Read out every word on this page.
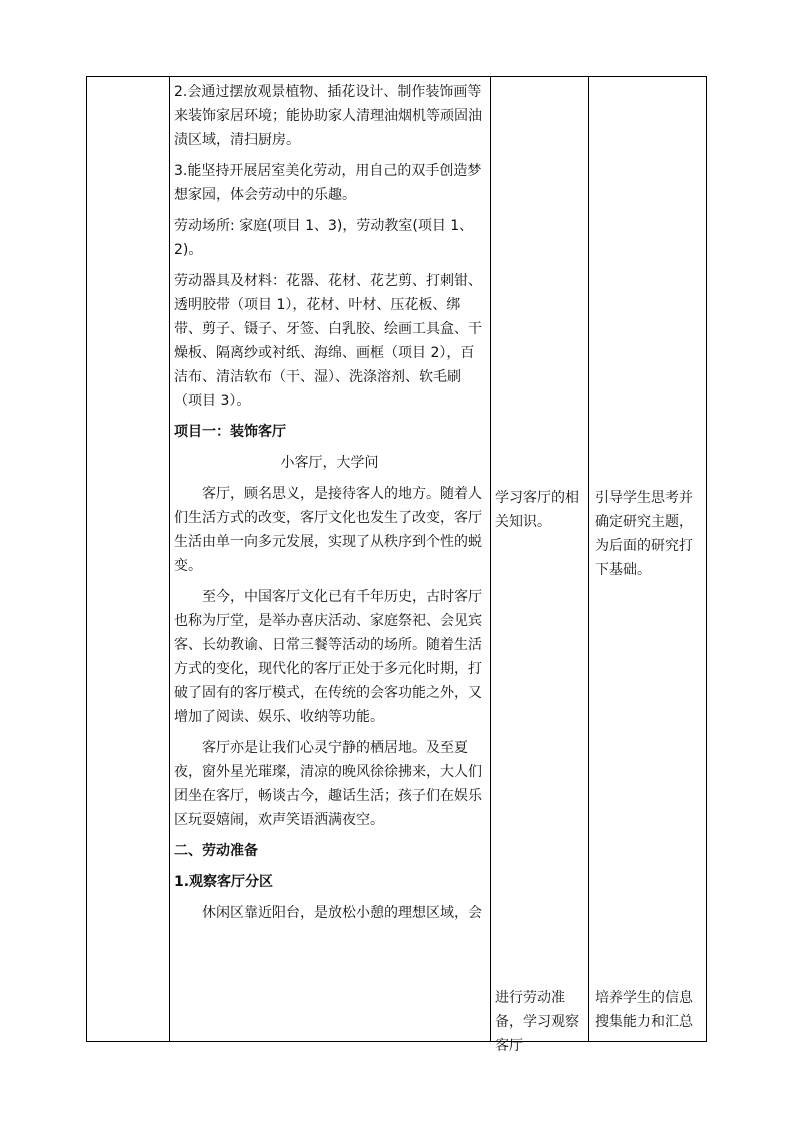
2.会通过摆放观景植物、插花设计、制作装饰画等来装饰家居环境；能协助家人清理油烟机等顽固油渍区域，清扫厨房。

3.能坚持开展居室美化劳动，用自己的双手创造梦想家园，体会劳动中的乐趣。

劳动场所: 家庭(项目 1、3)，劳动教室(项目 1、2)。

劳动器具及材料：花器、花材、花艺剪、打刺钳、透明胶带（项目 1），花材、叶材、压花板、绑带、剪子、镊子、牙签、白乳胶、绘画工具盒、干燥板、隔离纱或衬纸、海绵、画框（项目 2），百洁布、清洁软布（干、湿）、洗涤溶剂、软毛刷（项目 3）。

项目一：装饰客厅

小客厅，大学问

客厅，顾名思义，是接待客人的地方。随着人们生活方式的改变，客厅文化也发生了改变，客厅生活由单一向多元发展，实现了从秩序到个性的蜕变。

至今，中国客厅文化已有千年历史，古时客厅也称为厅堂，是举办喜庆活动、家庭祭祀、会见宾客、长幼教谕、日常三餐等活动的场所。随着生活方式的变化，现代化的客厅正处于多元化时期，打破了固有的客厅模式，在传统的会客功能之外，又增加了阅读、娱乐、收纳等功能。

客厅亦是让我们心灵宁静的栖居地。及至夏夜，窗外星光璀璨，清凉的晚风徐徐拂来，大人们团坐在客厅，畅谈古今，趣话生活；孩子们在娱乐区玩耍嬉闹，欢声笑语洒满夜空。

二、劳动准备

1.观察客厅分区

休闲区靠近阳台，是放松小憩的理想区域，会

学习客厅的相关知识。

进行劳动准备，学习观察客厅

引导学生思考并确定研究主题，为后面的研究打下基础。

培养学生的信息搜集能力和汇总
